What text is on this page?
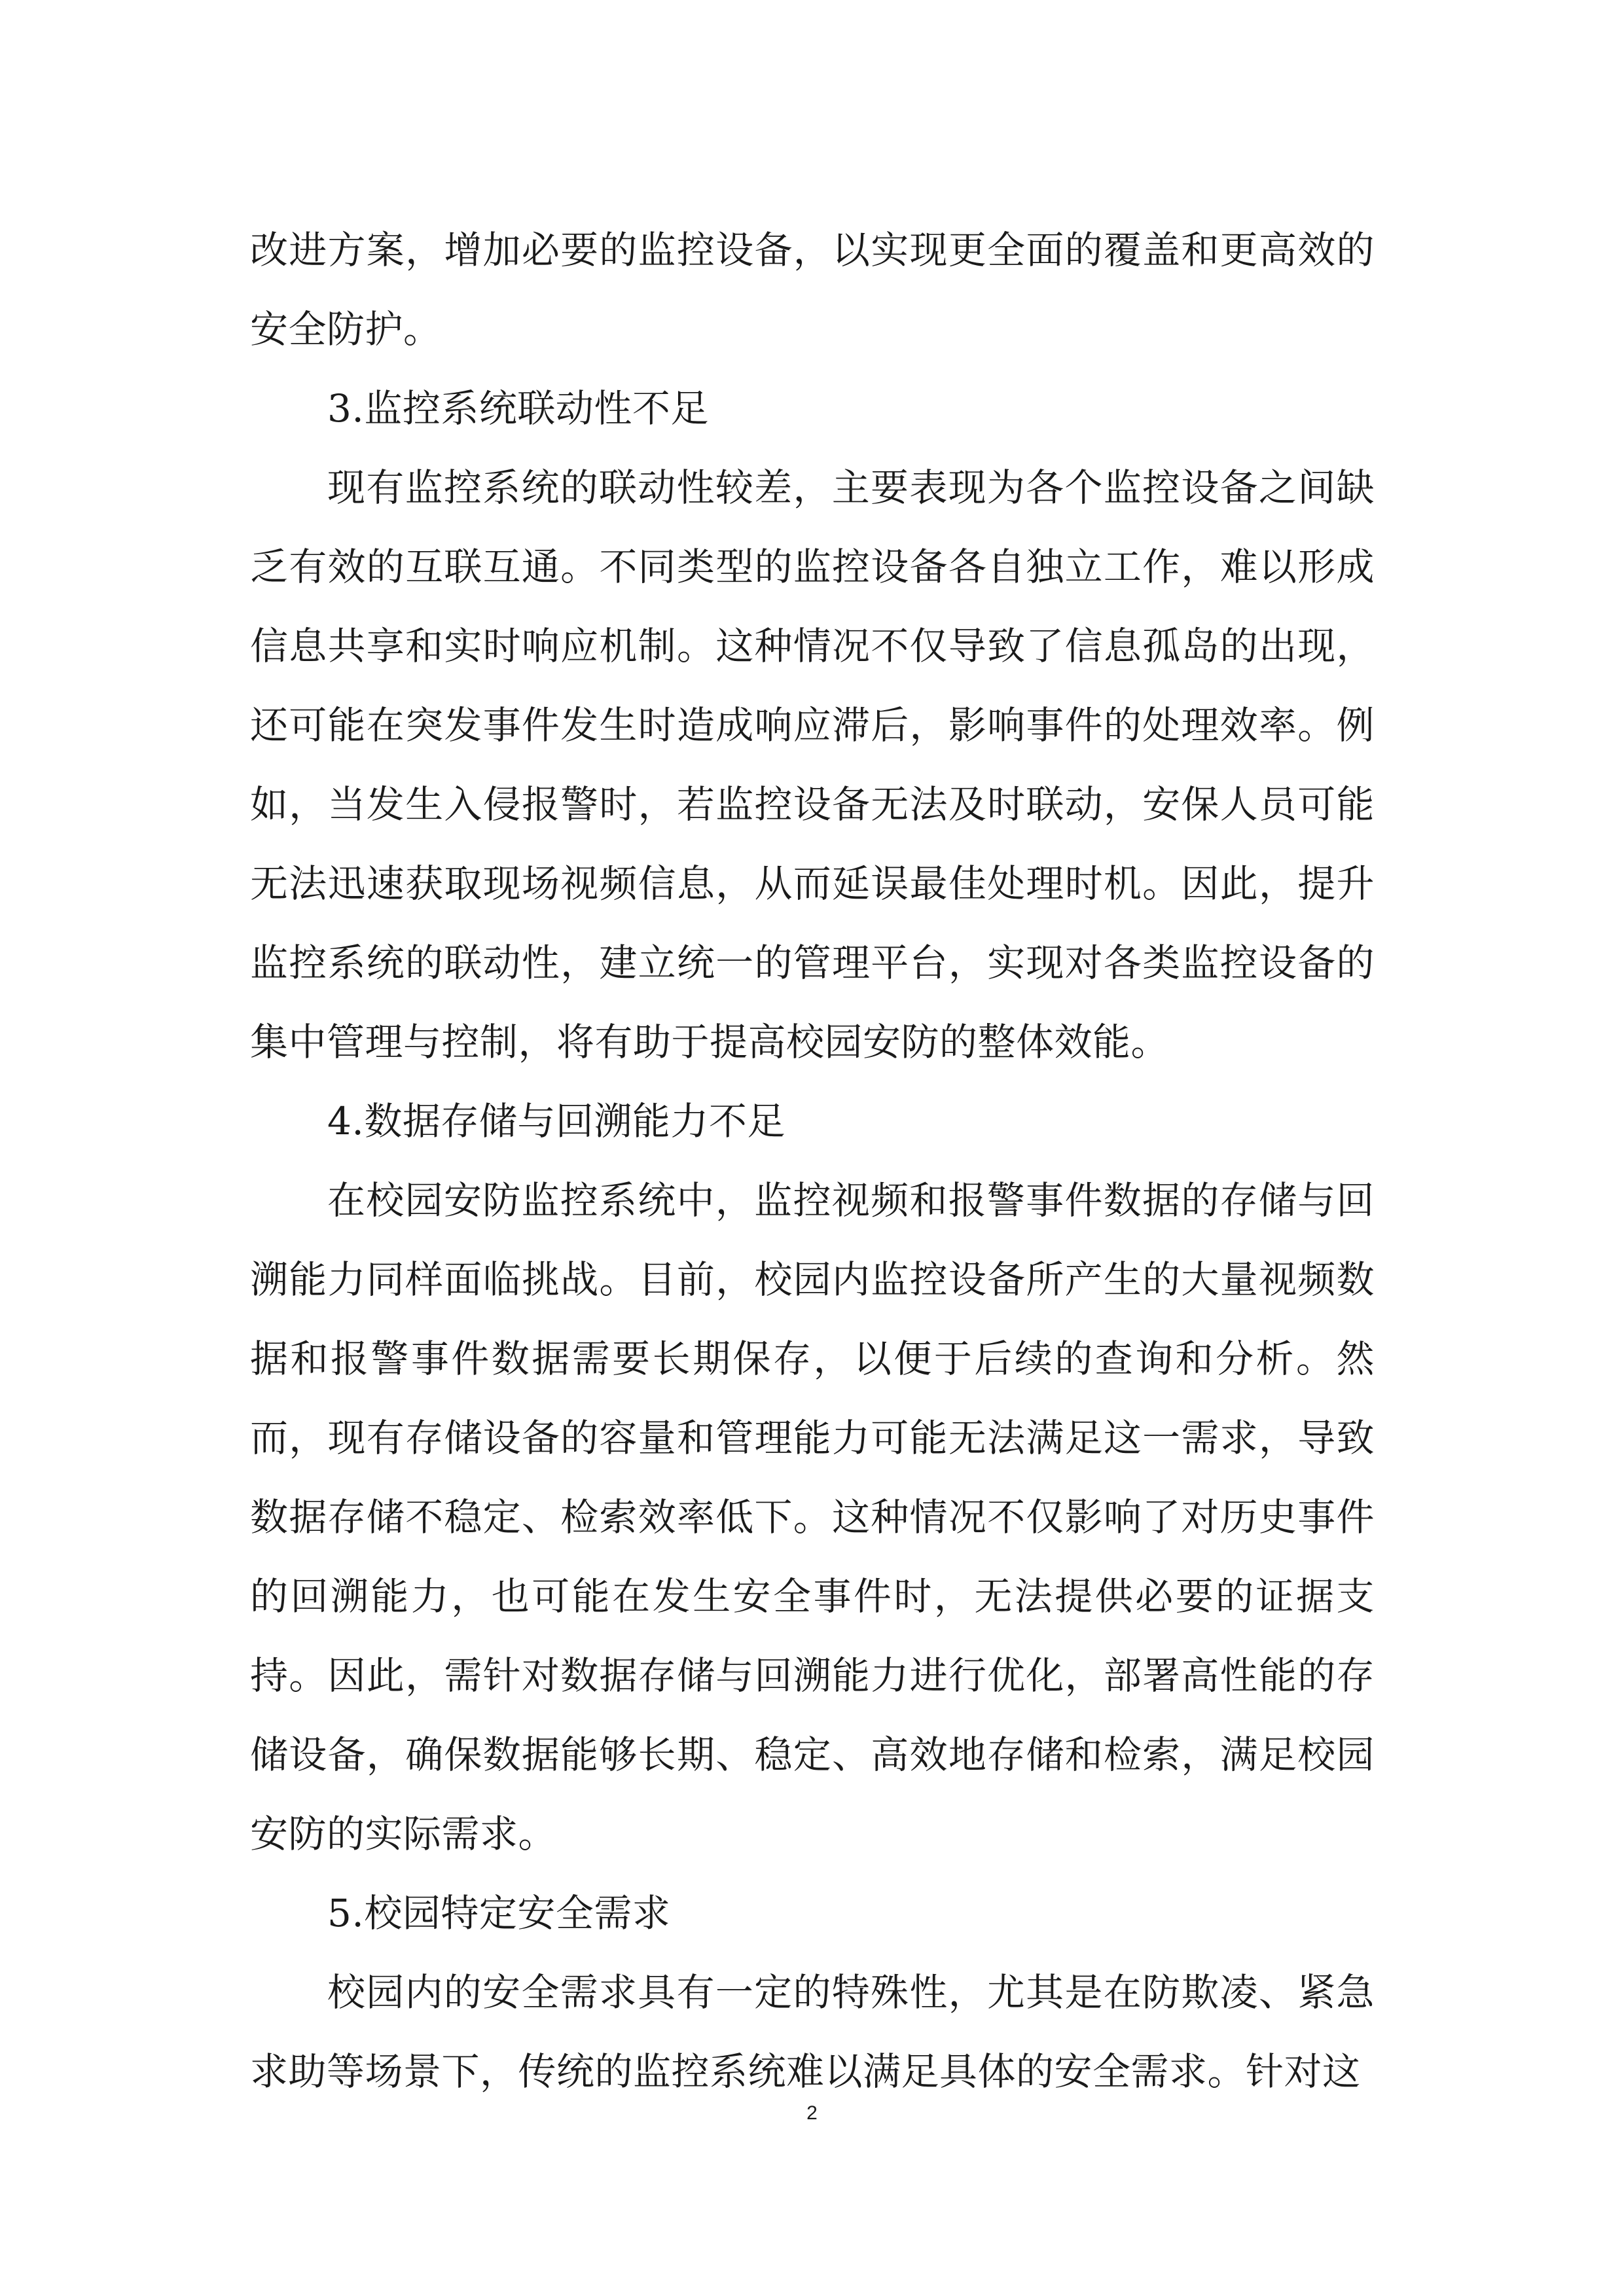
改进方案，增加必要的监控设备，以实现更全面的覆盖和更高效的安全防护。

3.监控系统联动性不足

现有监控系统的联动性较差，主要表现为各个监控设备之间缺乏有效的互联互通。不同类型的监控设备各自独立工作，难以形成信息共享和实时响应机制。这种情况不仅导致了信息孤岛的出现，还可能在突发事件发生时造成响应滞后，影响事件的处理效率。例如，当发生入侵报警时，若监控设备无法及时联动，安保人员可能无法迅速获取现场视频信息，从而延误最佳处理时机。因此，提升监控系统的联动性，建立统一的管理平台，实现对各类监控设备的集中管理与控制，将有助于提高校园安防的整体效能。

4.数据存储与回溯能力不足

在校园安防监控系统中，监控视频和报警事件数据的存储与回溯能力同样面临挑战。目前，校园内监控设备所产生的大量视频数据和报警事件数据需要长期保存，以便于后续的查询和分析。然而，现有存储设备的容量和管理能力可能无法满足这一需求，导致数据存储不稳定、检索效率低下。这种情况不仅影响了对历史事件的回溯能力，也可能在发生安全事件时，无法提供必要的证据支持。因此，需针对数据存储与回溯能力进行优化，部署高性能的存储设备，确保数据能够长期、稳定、高效地存储和检索，满足校园安防的实际需求。

5.校园特定安全需求

校园内的安全需求具有一定的特殊性，尤其是在防欺凌、紧急求助等场景下，传统的监控系统难以满足具体的安全需求。针对这

2
